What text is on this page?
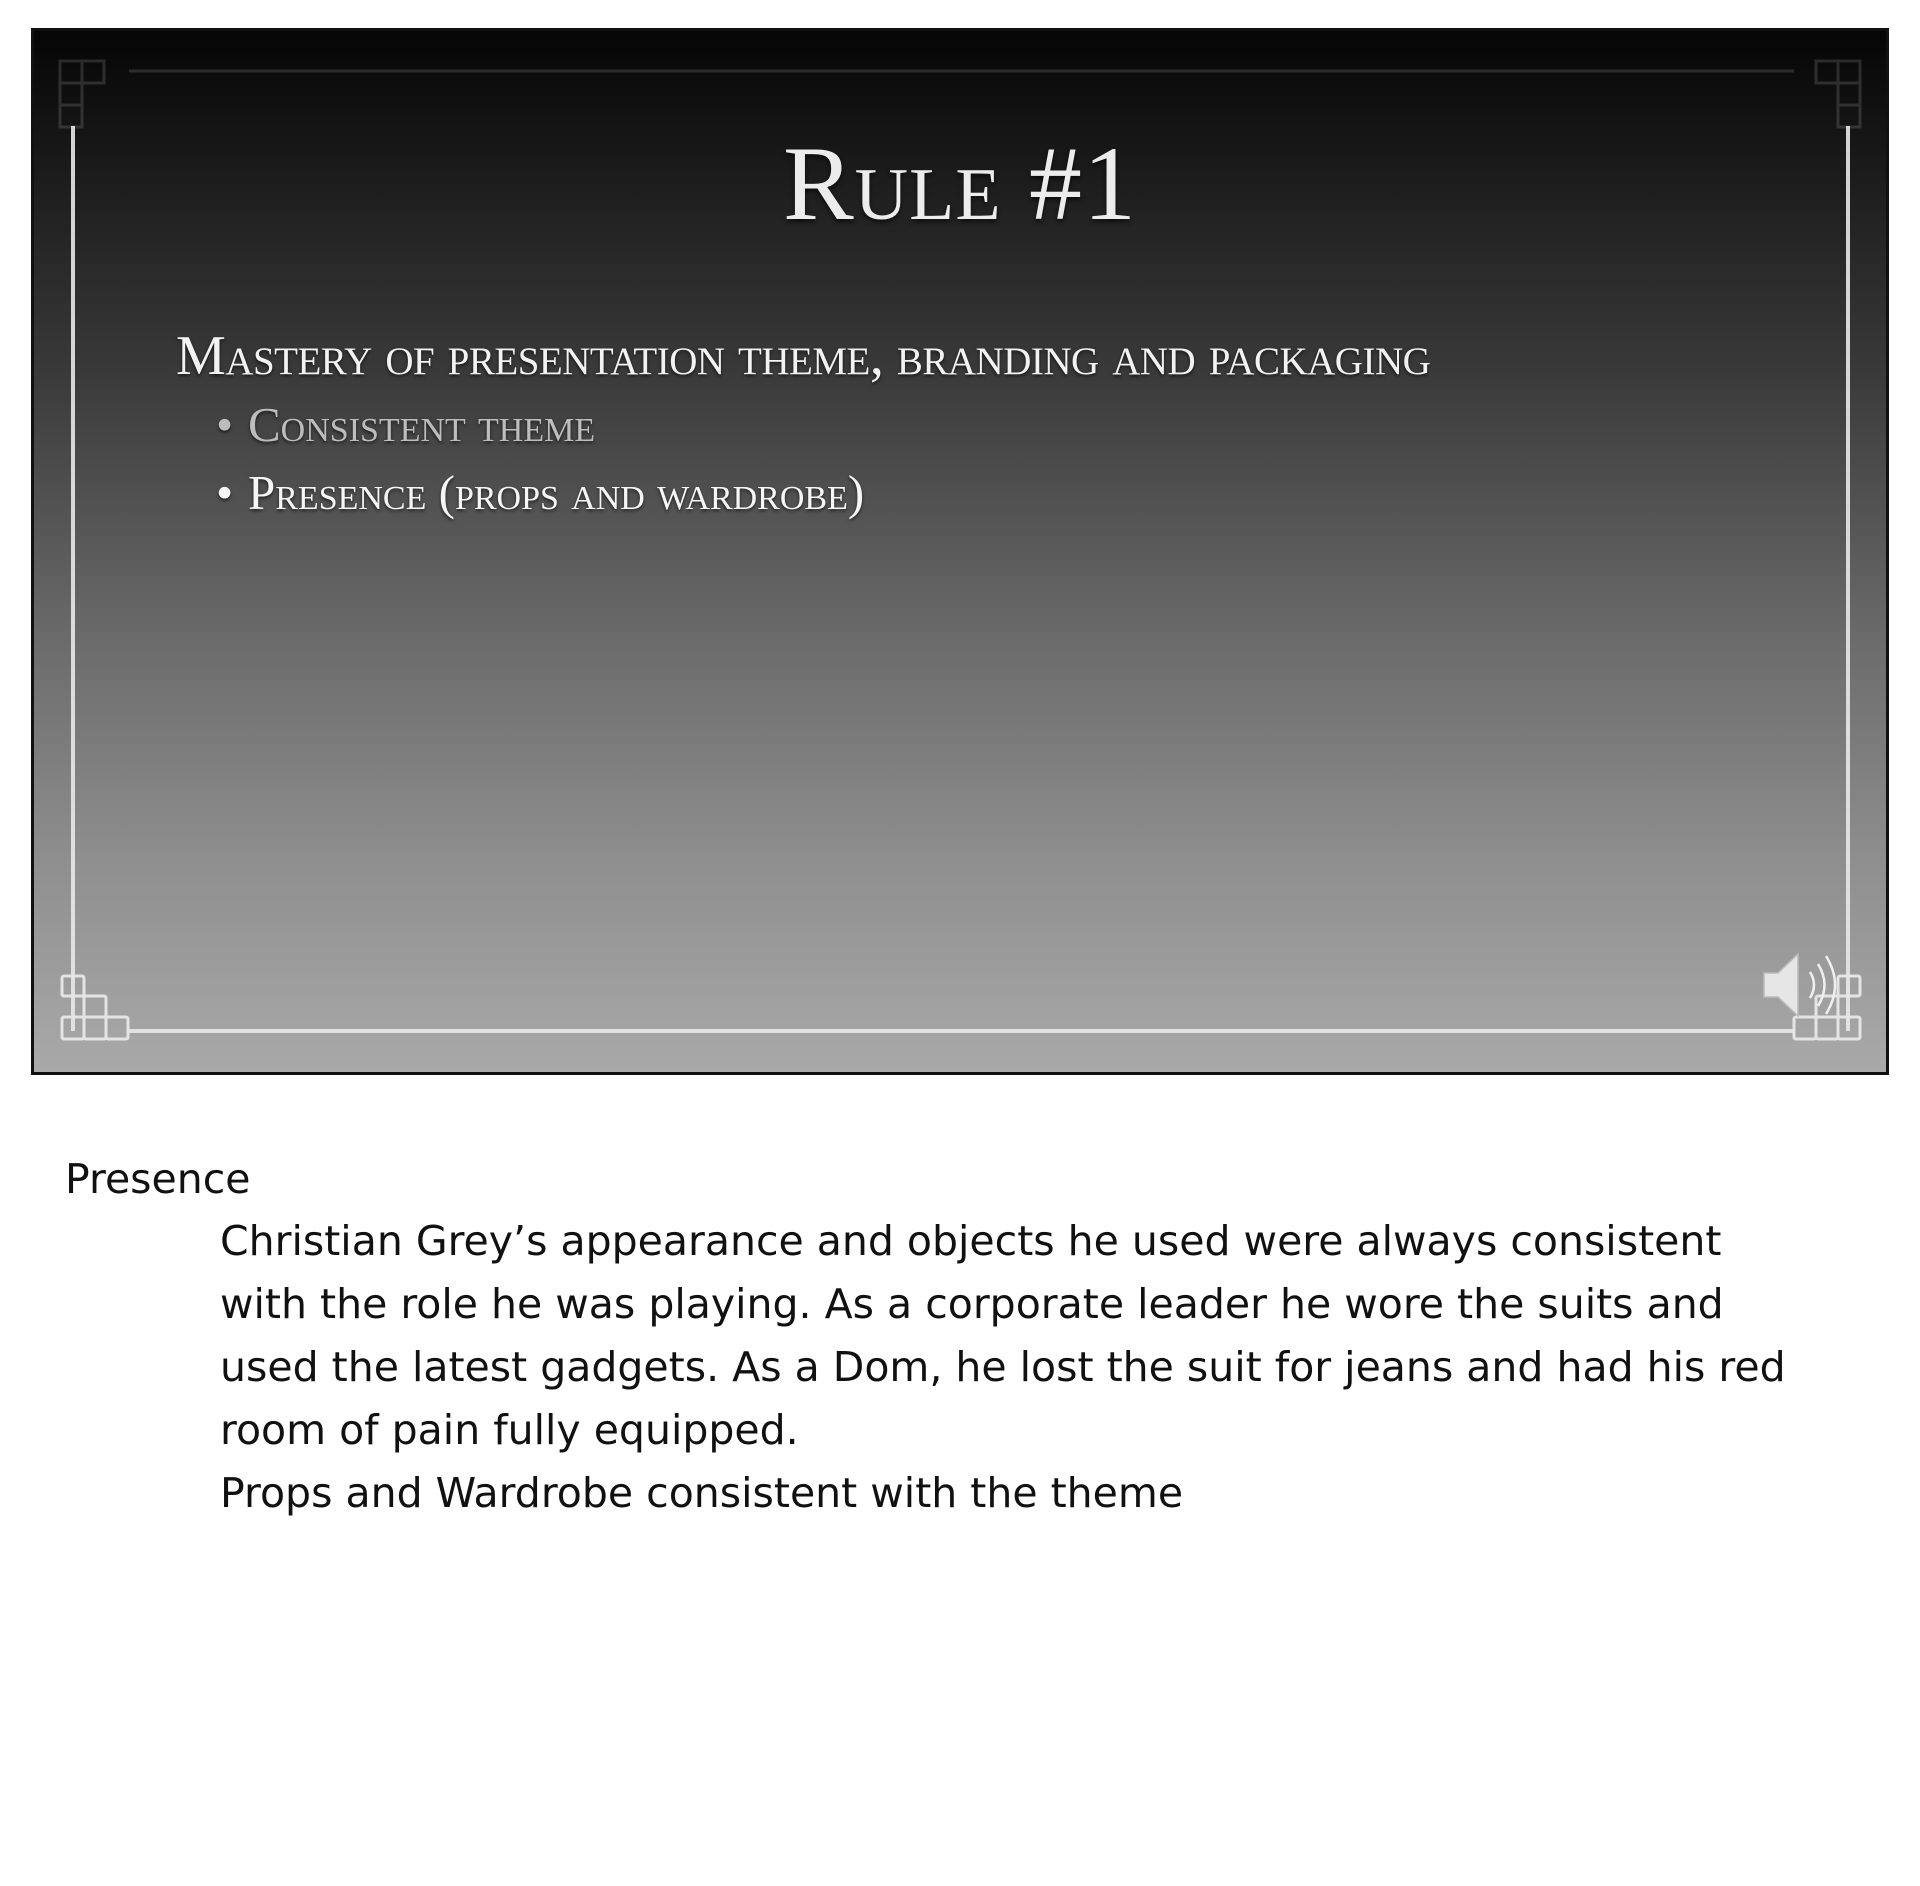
Rule #1
Mastery of presentation theme, branding and packaging
• Consistent theme
• Presence (props and wardrobe)
Presence

Christian Grey’s appearance and objects he used were always consistent with the role he was playing. As a corporate leader he wore the suits and used the latest gadgets. As a Dom, he lost the suit for jeans and had his red room of pain fully equipped.

Props and Wardrobe consistent with the theme
